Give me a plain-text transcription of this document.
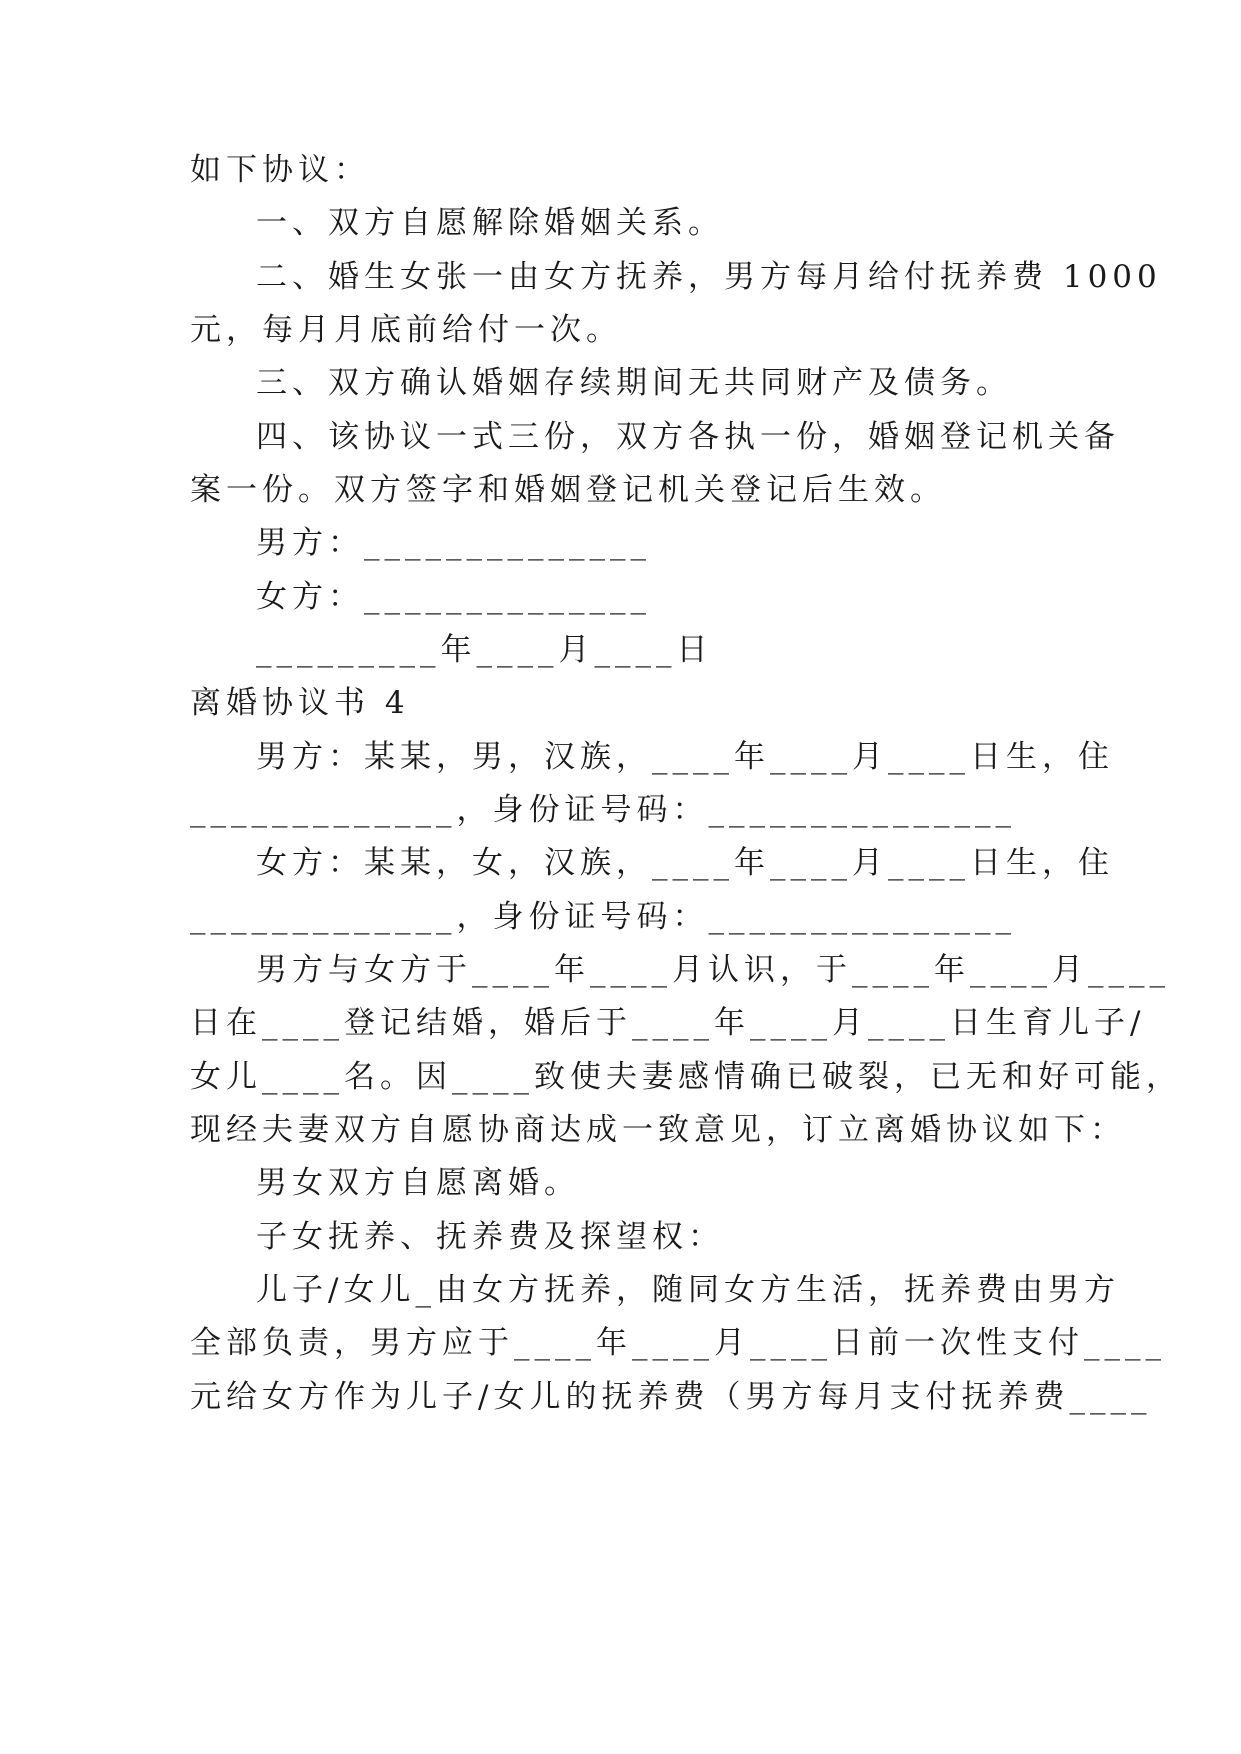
如下协议：
一、双方自愿解除婚姻关系。
二、婚生女张一由女方抚养，男方每月给付抚养费 1000
元，每月月底前给付一次。
三、双方确认婚姻存续期间无共同财产及债务。
四、该协议一式三份，双方各执一份，婚姻登记机关备
案一份。双方签字和婚姻登记机关登记后生效。
男方：______________
女方：______________
_________年____月____日
离婚协议书 4
男方：某某，男，汉族，____年____月____日生，住
_____________，身份证号码：_______________
女方：某某，女，汉族，____年____月____日生，住
_____________，身份证号码：_______________
男方与女方于____年____月认识，于____年____月____
日在____登记结婚，婚后于____年____月____日生育儿子/
女儿____名。因____致使夫妻感情确已破裂，已无和好可能，
现经夫妻双方自愿协商达成一致意见，订立离婚协议如下：
男女双方自愿离婚。
子女抚养、抚养费及探望权：
儿子/女儿_由女方抚养，随同女方生活，抚养费由男方
全部负责，男方应于____年____月____日前一次性支付____
元给女方作为儿子/女儿的抚养费（男方每月支付抚养费____
